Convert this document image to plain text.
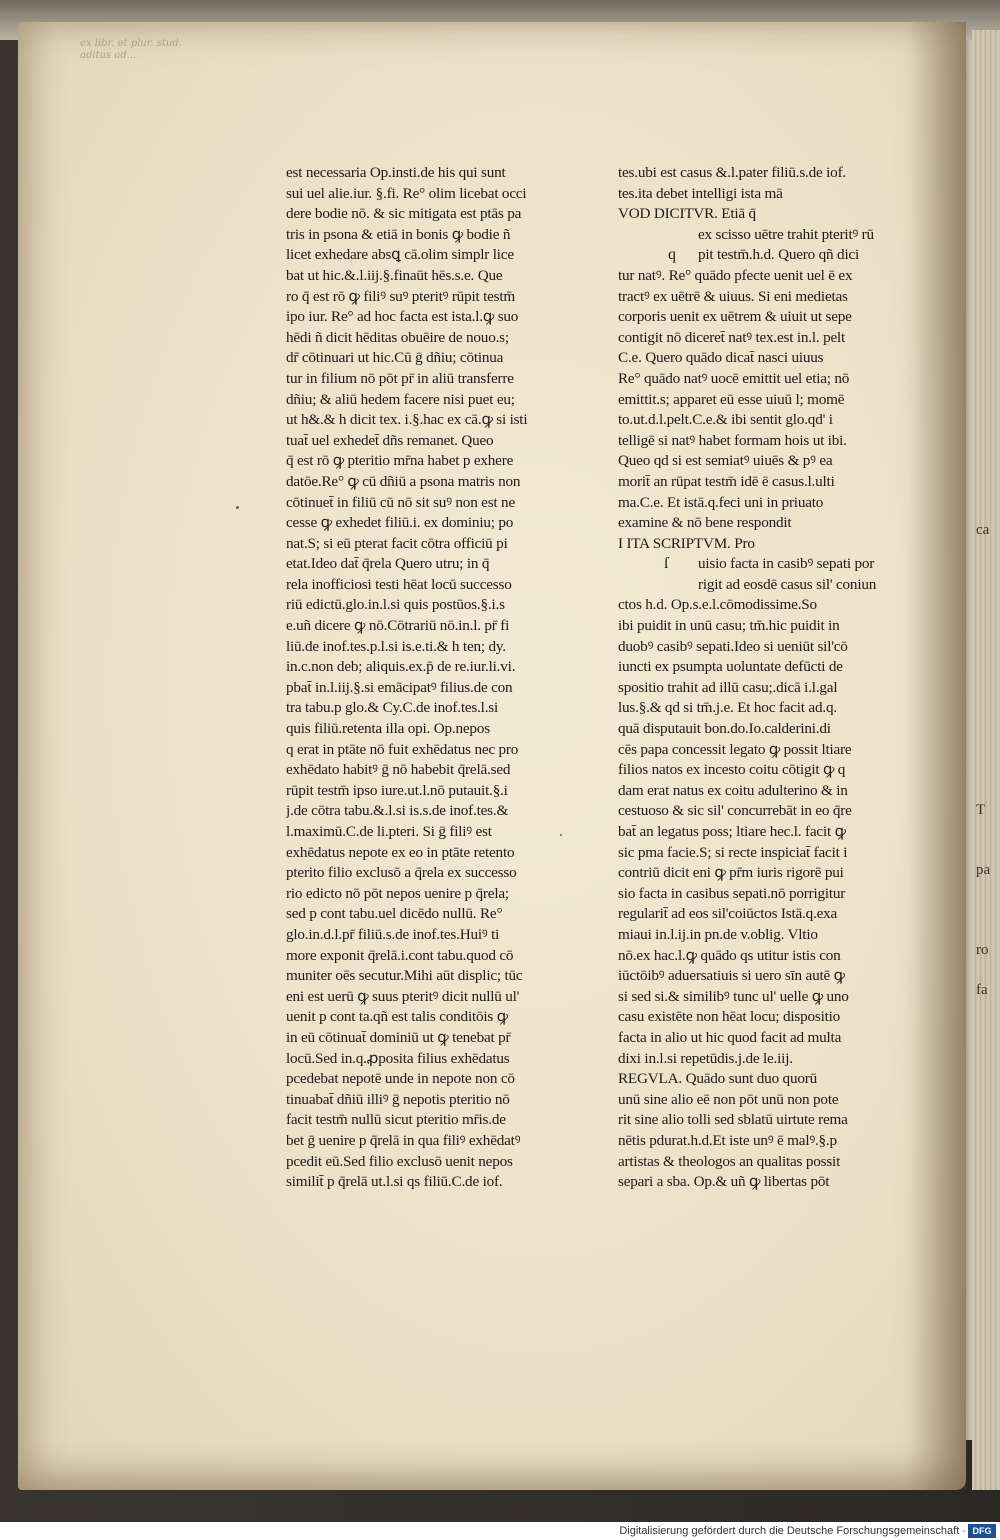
ex libr. et plur. stud.
aditus ad...
est necessaria Op.insti.de his qui sunt
sui uel alie.iur. §.fi. Re° olim licebat occi
dere bodie nō. & sic mitigata est ptās pa
tris in psona & etiā in bonis ꝙ bodie ñ
licet exhedare absꝗ cā.olim simplr lice
bat ut hic.&.l.iij.§.finaūt hēs.s.e. Que
ro q̄ est rō ꝙ filiꝰ suꝰ pteritꝰ rūpit testm̄
ipo iur. Re° ad hoc facta est ista.l.ꝙ suo
hēdi ñ dicit hēditas obuēire de nouo.s;
dr̄ cōtinuari ut hic.Cū ḡ dñiu; cōtinua
tur in filium nō pōt pr̄ in aliū transferre
dñiu; & aliū hedem facere nisi puet eu;
ut h&.& h dicit tex. i.§.hac ex cā.ꝙ si isti
tuat̄ uel exhedet̄ dñs remanet. Queo
q̄ est rō ꝙ pteritio mr̄na habet p exhere
datōe.Re° ꝙ cū dñiū a psona matris non
cōtinuet̄ in filiū cū nō sit suꝰ non est ne
cesse ꝙ exhedet filiū.i. ex dominiu; po
nat.S; si eū pterat facit cōtra officiū pi
etat.Ideo dat̄ q̄rela Quero utru; in q̄
rela inofficiosi testi hēat locū successo
riū edictū.glo.in.l.si quis postūos.§.i.s
e.uñ dicere ꝙ nō.Cōtrariū nō.in.l. pr̄ fi
liū.de inof.tes.p.l.si is.e.ti.& h ten; dy.
in.c.non deb; aliquis.ex.p̄ de re.iur.li.vi.
pbat̄ in.l.iij.§.si emācipatꝰ filius.de con
tra tabu.p glo.& Cy.C.de inof.tes.l.si
quis filiū.retenta illa opi. Op.nepos
q erat in ptāte nō fuit exhēdatus nec pro
exhēdato habitꝰ ḡ nō habebit q̄relā.sed
rūpit testm̄ ipso iure.ut.l.nō putauit.§.i
j.de cōtra tabu.&.l.si is.s.de inof.tes.&
l.maximū.C.de li.pteri. Si ḡ filiꝰ est
exhēdatus nepote ex eo in ptāte retento
pterito filio exclusō a q̄rela ex successo
rio edicto nō pōt nepos uenire p q̄rela;
sed p cont tabu.uel dicēdo nullū. Re°
glo.in.d.l.pr̄ filiū.s.de inof.tes.Huiꝰ ti
more exponit q̄relā.i.cont tabu.quod cō
muniter oēs secutur.Mihi aūt displic; tūc
eni est uerū ꝙ suus pteritꝰ dicit nullū ul'
uenit p cont ta.qñ est talis conditōis ꝙ
in eū cōtinuat̄ dominiū ut ꝙ tenebat pr̄
locū.Sed in.q.ꝓposita filius exhēdatus
pcedebat nepotē unde in nepote non cō
tinuabat̄ dñiū illiꝰ ḡ nepotis pteritio nō
facit testm̄ nullū sicut pteritio mr̄is.de
bet ḡ uenire p q̄relā in qua filiꝰ exhēdatꝰ
pcedit eū.Sed filio exclusō uenit nepos
similit̄ p q̄relā ut.l.si qs filiū.C.de iof.
tes.ubi est casus &.l.pater filiū.s.de iof.
tes.ita debet intelligi ista mā
VOD DICITVR. Etiā q̄
ex scisso uētre trahit pteritꝰ rū
pit testm̄.h.d. Quero qñ dici
tur natꝰ. Re° quādo pfecte uenit uel ē ex
tractꝰ ex uētrē & uiuus. Si eni medietas
corporis uenit ex uētrem & uiuit ut sepe
contigit nō diceret̄ natꝰ tex.est in.l. pelt
C.e. Quero quādo dicat̄ nasci uiuus
Re° quādo natꝰ uocē emittit uel etia; nō
emittit.s; apparet eū esse uiuū l; momē
to.ut.d.l.pelt.C.e.& ibi sentit glo.qd' i
telligē si natꝰ habet formam hois ut ibi.
Queo qd si est semiatꝰ uiuēs & pꝰ ea
morit̄ an rūpat testm̄ idē ē casus.l.ulti
ma.C.e. Et istā.q.feci uni in priuato
examine & nō bene respondit
I ITA SCRIPTVM. Pro
uisio facta in casibꝰ sepati por
rigit ad eosdē casus sil' coniun
ctos h.d. Op.s.e.l.cōmodissime.So
ibi puidit in unū casu; tm̄.hic puidit in
duobꝰ casibꝰ sepati.Ideo si ueniūt sil'cō
iuncti ex psumpta uoluntate defūcti de
spositio trahit ad illū casu;.dicā i.l.gal
lus.§.& qd si tm̄.j.e. Et hoc facit ad.q.
quā disputauit bon.do.Io.calderini.di
cēs papa concessit legato ꝙ possit ltiare
filios natos ex incesto coitu cōtigit ꝙ q
dam erat natus ex coitu adulterino & in
cestuoso & sic sil' concurrebāt in eo q̄re
bat̄ an legatus poss; ltiare hec.l. facit ꝙ
sic pma facie.S; si recte inspiciat̄ facit i
contriū dicit eni ꝙ pr̄m iuris rigorē pui
sio facta in casibus sepati.nō porrigitur
regularit̄ ad eos sil'coiūctos Istā.q.exa
miaui in.l.ij.in pn.de v.oblig. Vltio
nō.ex hac.l.ꝙ quādo qs utitur istis con
iūctōibꝰ aduersatiuis si uero sīn autē ꝙ
si sed si.& similibꝰ tunc ul' uelle ꝙ uno
casu existēte non hēat locu; dispositio
facta in alio ut hic quod facit ad multa
dixi in.l.si repetūdis.j.de le.iij.
REGVLA. Quādo sunt duo quorū
unū sine alio eē non pōt unū non pote
rit sine alio tolli sed sblatū uirtute rema
nētis pdurat.h.d.Et iste unꝰ ē malꝰ.§.p
artistas & theologos an qualitas possit
separi a sba. Op.& uñ ꝙ libertas pōt
q
ſ
ca
T
pa
ro
fa
Digitalisierung gefördert durch die Deutsche Forschungsgemeinschaft · DFG
